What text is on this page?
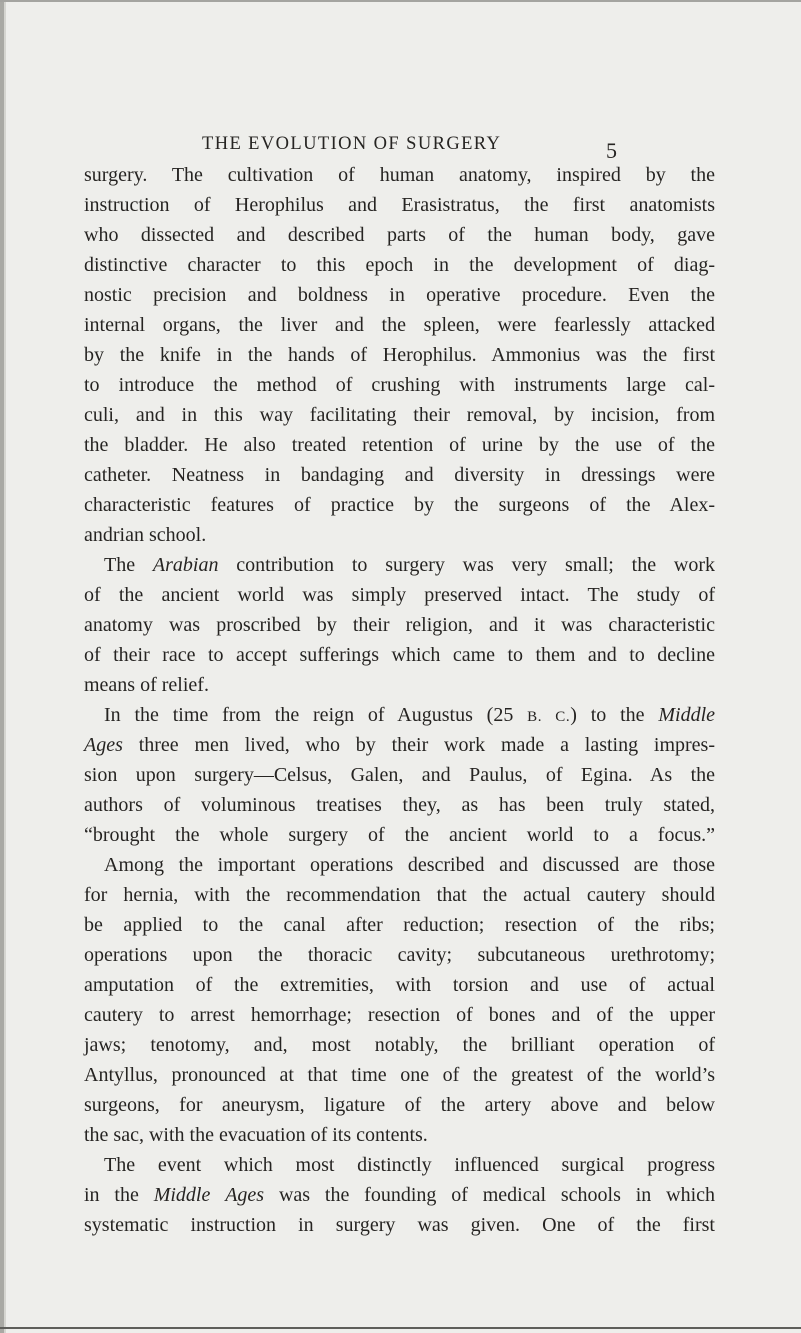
THE EVOLUTION OF SURGERY	5
surgery. The cultivation of human anatomy, inspired by the
instruction of Herophilus and Erasistratus, the first anatomists
who dissected and described parts of the human body, gave
distinctive character to this epoch in the development of diag-
nostic precision and boldness in operative procedure. Even the
internal organs, the liver and the spleen, were fearlessly attacked
by the knife in the hands of Herophilus. Ammonius was the first
to introduce the method of crushing with instruments large cal-
culi, and in this way facilitating their removal, by incision, from
the bladder. He also treated retention of urine by the use of the
catheter. Neatness in bandaging and diversity in dressings were
characteristic features of practice by the surgeons of the Alex-
andrian school.
The Arabian contribution to surgery was very small; the work
of the ancient world was simply preserved intact. The study of
anatomy was proscribed by their religion, and it was characteristic
of their race to accept sufferings which came to them and to decline
means of relief.
In the time from the reign of Augustus (25 B. C.) to the Middle
Ages three men lived, who by their work made a lasting impres-
sion upon surgery—Celsus, Galen, and Paulus, of Egina. As the
authors of voluminous treatises they, as has been truly stated,
“brought the whole surgery of the ancient world to a focus.”
Among the important operations described and discussed are those
for hernia, with the recommendation that the actual cautery should
be applied to the canal after reduction; resection of the ribs;
operations upon the thoracic cavity; subcutaneous urethrotomy;
amputation of the extremities, with torsion and use of actual
cautery to arrest hemorrhage; resection of bones and of the upper
jaws; tenotomy, and, most notably, the brilliant operation of
Antyllus, pronounced at that time one of the greatest of the world’s
surgeons, for aneurysm, ligature of the artery above and below
the sac, with the evacuation of its contents.
The event which most distinctly influenced surgical progress
in the Middle Ages was the founding of medical schools in which
systematic instruction in surgery was given. One of the first
